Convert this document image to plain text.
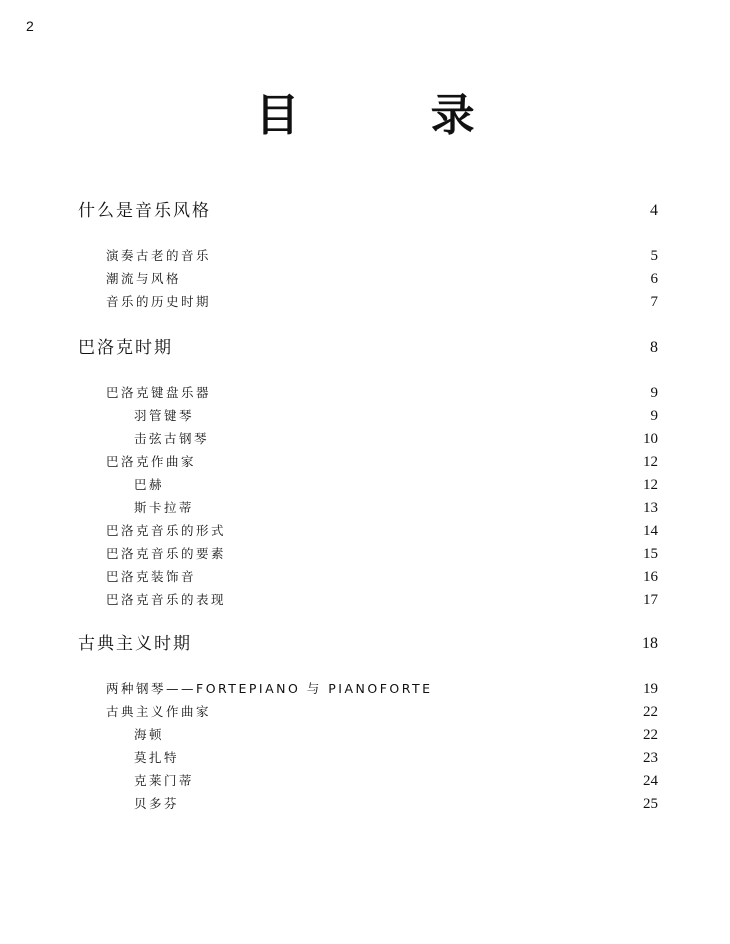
2
目 录
什么是音乐风格	4
演奏古老的音乐	5
潮流与风格	6
音乐的历史时期	7
巴洛克时期	8
巴洛克键盘乐器	9
羽管键琴	9
击弦古钢琴	10
巴洛克作曲家	12
巴赫	12
斯卡拉蒂	13
巴洛克音乐的形式	14
巴洛克音乐的要素	15
巴洛克装饰音	16
巴洛克音乐的表现	17
古典主义时期	18
两种钢琴——FORTEPIANO 与 PIANOFORTE	19
古典主义作曲家	22
海顿	22
莫扎特	23
克莱门蒂	24
贝多芬	25
